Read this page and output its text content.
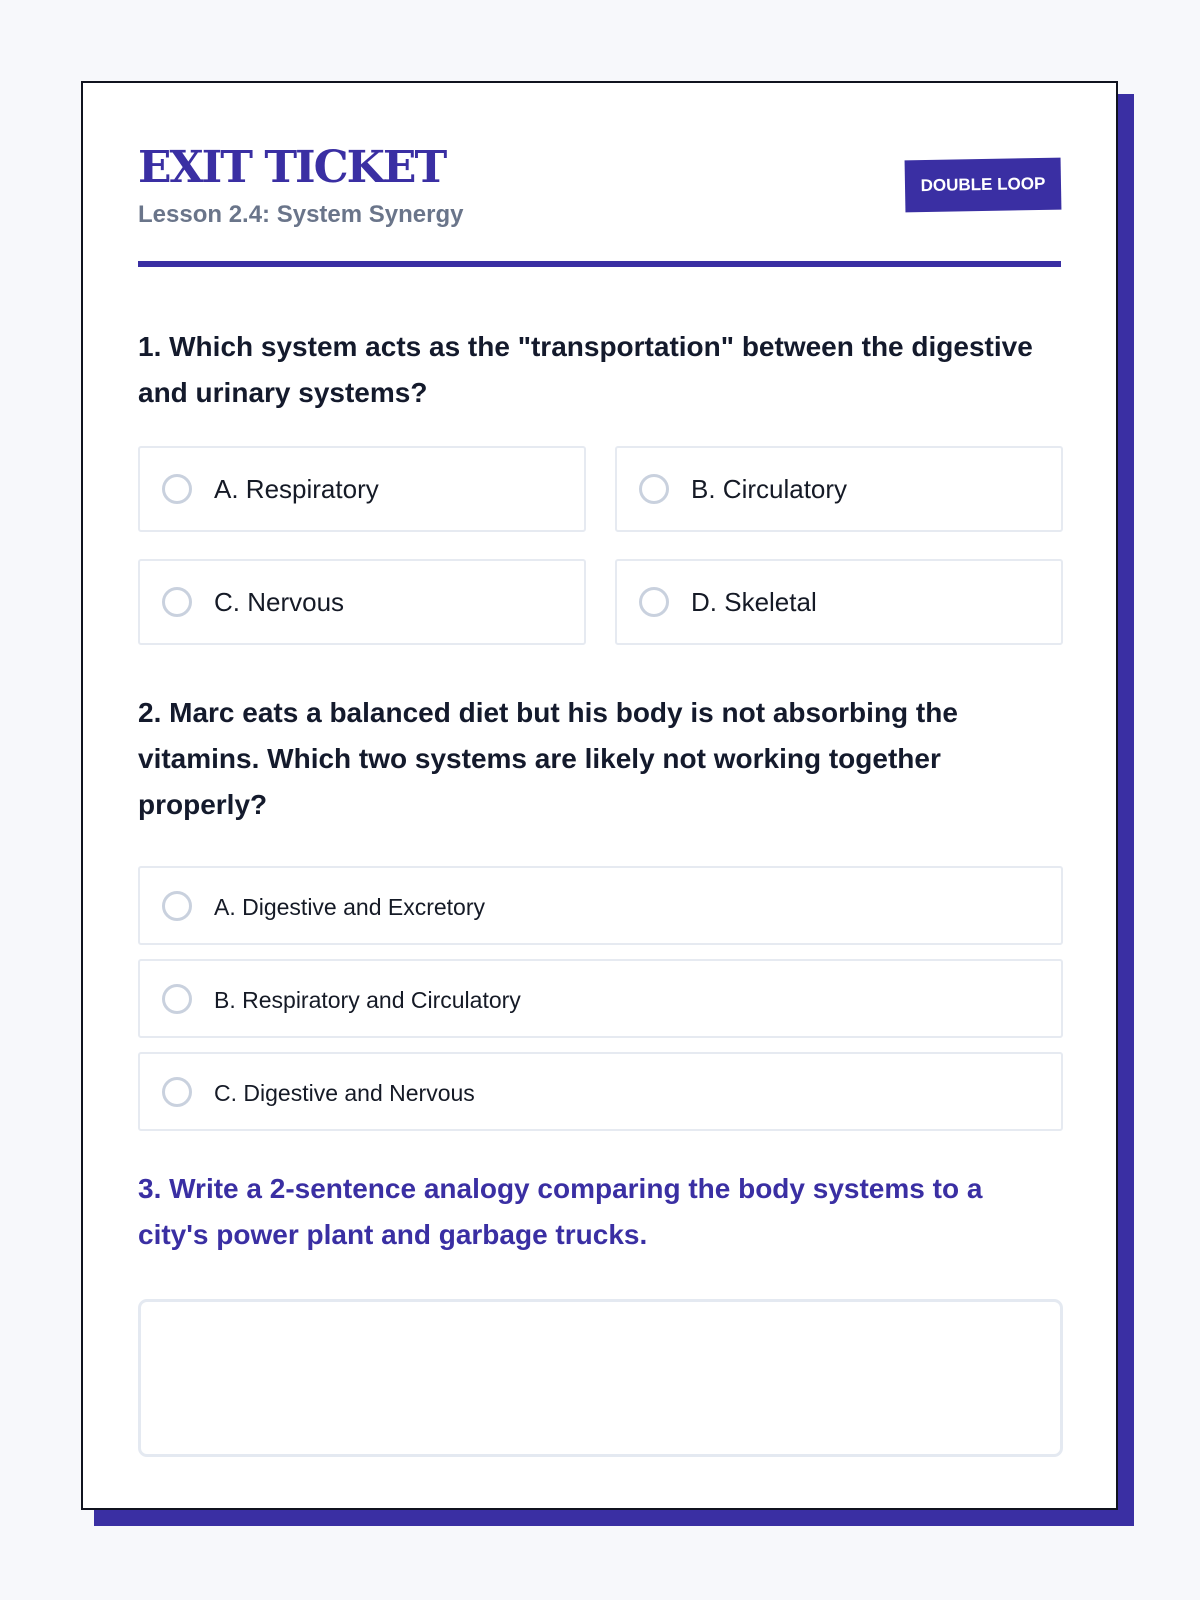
EXIT TICKET
Lesson 2.4: System Synergy
DOUBLE LOOP

1. Which system acts as the "transportation" between the digestive and urinary systems?

A. Respiratory	B. Circulatory
C. Nervous	D. Skeletal

2. Marc eats a balanced diet but his body is not absorbing the vitamins. Which two systems are likely not working together properly?

A. Digestive and Excretory
B. Respiratory and Circulatory
C. Digestive and Nervous

3. Write a 2-sentence analogy comparing the body systems to a city's power plant and garbage trucks.
